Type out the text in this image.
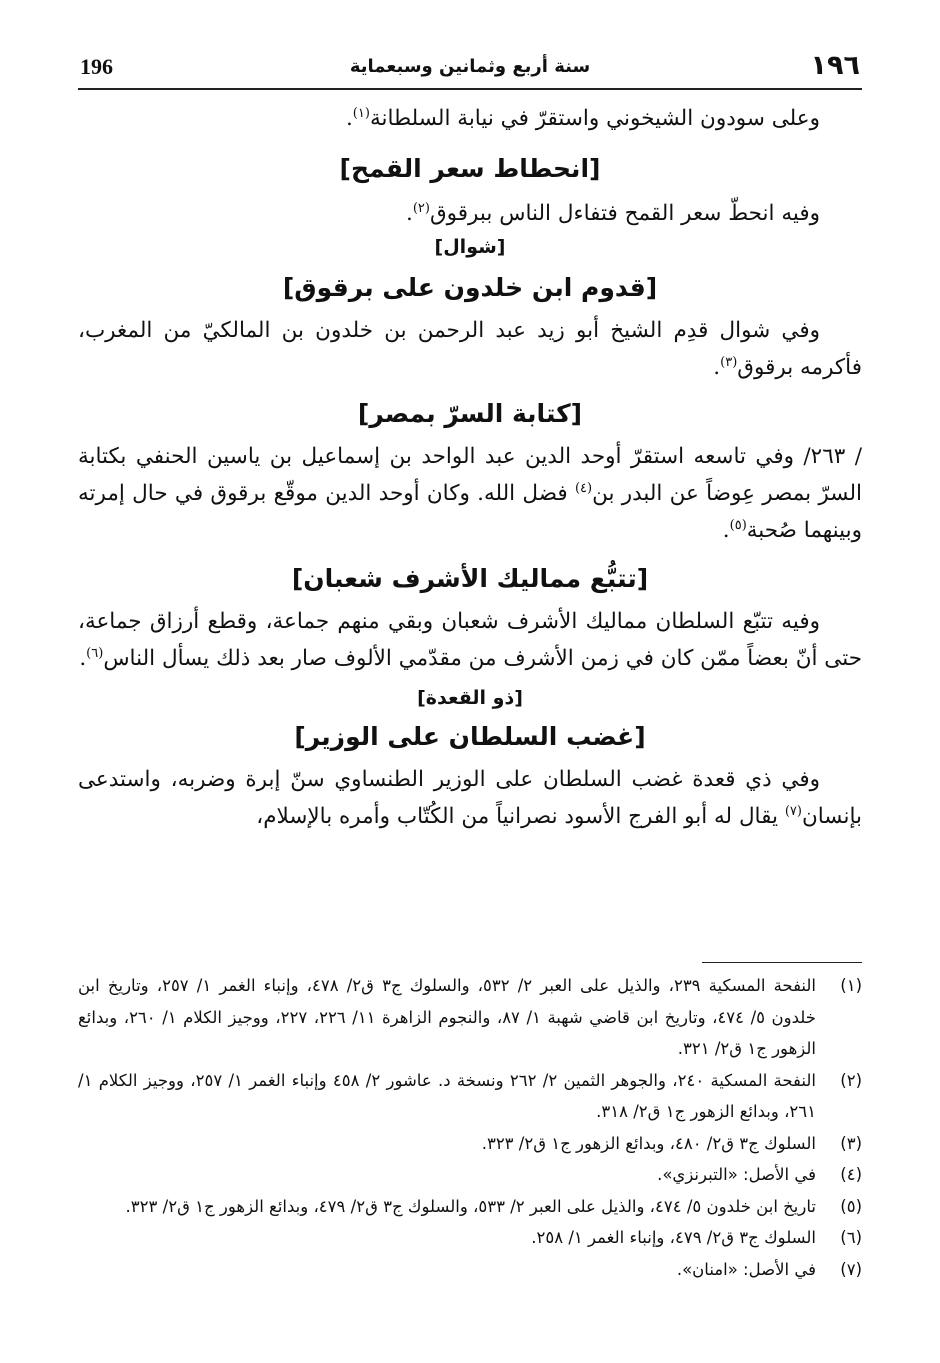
١٩٦
سنة أربع وثمانين وسبعماية
196

وعلى سودون الشيخوني واستقرّ في نيابة السلطانة$^{(١)}$.

[انحطاط سعر القمح]

وفيه انحطّ سعر القمح فتفاءل الناس ببرقوق$^{(٢)}$.

[شوال]
[قدوم ابن خلدون على برقوق]

وفي شوال قدِم الشيخ أبو زيد عبد الرحمن بن خلدون بن المالكيّ من المغرب، فأكرمه برقوق$^{(٣)}$.

[كتابة السرّ بمصر]

/ ٢٦٣/ وفي تاسعه استقرّ أوحد الدين عبد الواحد بن إسماعيل بن ياسين الحنفي بكتابة السرّ بمصر عِوضاً عن البدر بن$^{(٤)}$ فضل الله. وكان أوحد الدين موقّع برقوق في حال إمرته وبينهما صُحبة$^{(٥)}$.

[تتبُّع مماليك الأشرف شعبان]

وفيه تتبّع السلطان مماليك الأشرف شعبان وبقي منهم جماعة، وقطع أرزاق جماعة، حتى أنّ بعضاً ممّن كان في زمن الأشرف من مقدّمي الألوف صار بعد ذلك يسأل الناس$^{(٦)}$.

[ذو القعدة]
[غضب السلطان على الوزير]

وفي ذي قعدة غضب السلطان على الوزير الطنساوي سنّ إبرة وضربه، واستدعى بإنسان$^{(٧)}$ يقال له أبو الفرج الأسود نصرانياً من الكُتّاب وأمره بالإسلام،

(١)
النفحة المسكية ٢٣٩، والذيل على العبر ٢/ ٥٣٢، والسلوك ج٣ ق٢/ ٤٧٨، وإنباء الغمر ١/ ٢٥٧، وتاريخ ابن خلدون ٥/ ٤٧٤، وتاريخ ابن قاضي شهبة ١/ ٨٧، والنجوم الزاهرة ١١/ ٢٢٦، ٢٢٧، ووجيز الكلام ١/ ٢٦٠، وبدائع الزهور ج١ ق٢/ ٣٢١.
(٢)
النفحة المسكية ٢٤٠، والجوهر الثمين ٢/ ٢٦٢ ونسخة د. عاشور ٢/ ٤٥٨ وإنباء الغمر ١/ ٢٥٧، ووجيز الكلام ١/ ٢٦١، وبدائع الزهور ج١ ق٢/ ٣١٨.
(٣)
السلوك ج٣ ق٢/ ٤٨٠، وبدائع الزهور ج١ ق٢/ ٣٢٣.
(٤)
في الأصل: «التبرنزي».
(٥)
تاريخ ابن خلدون ٥/ ٤٧٤، والذيل على العبر ٢/ ٥٣٣، والسلوك ج٣ ق٢/ ٤٧٩، وبدائع الزهور ج١ ق٢/ ٣٢٣.
(٦)
السلوك ج٣ ق٢/ ٤٧٩، وإنباء الغمر ١/ ٢٥٨.
(٧)
في الأصل: «امنان».
